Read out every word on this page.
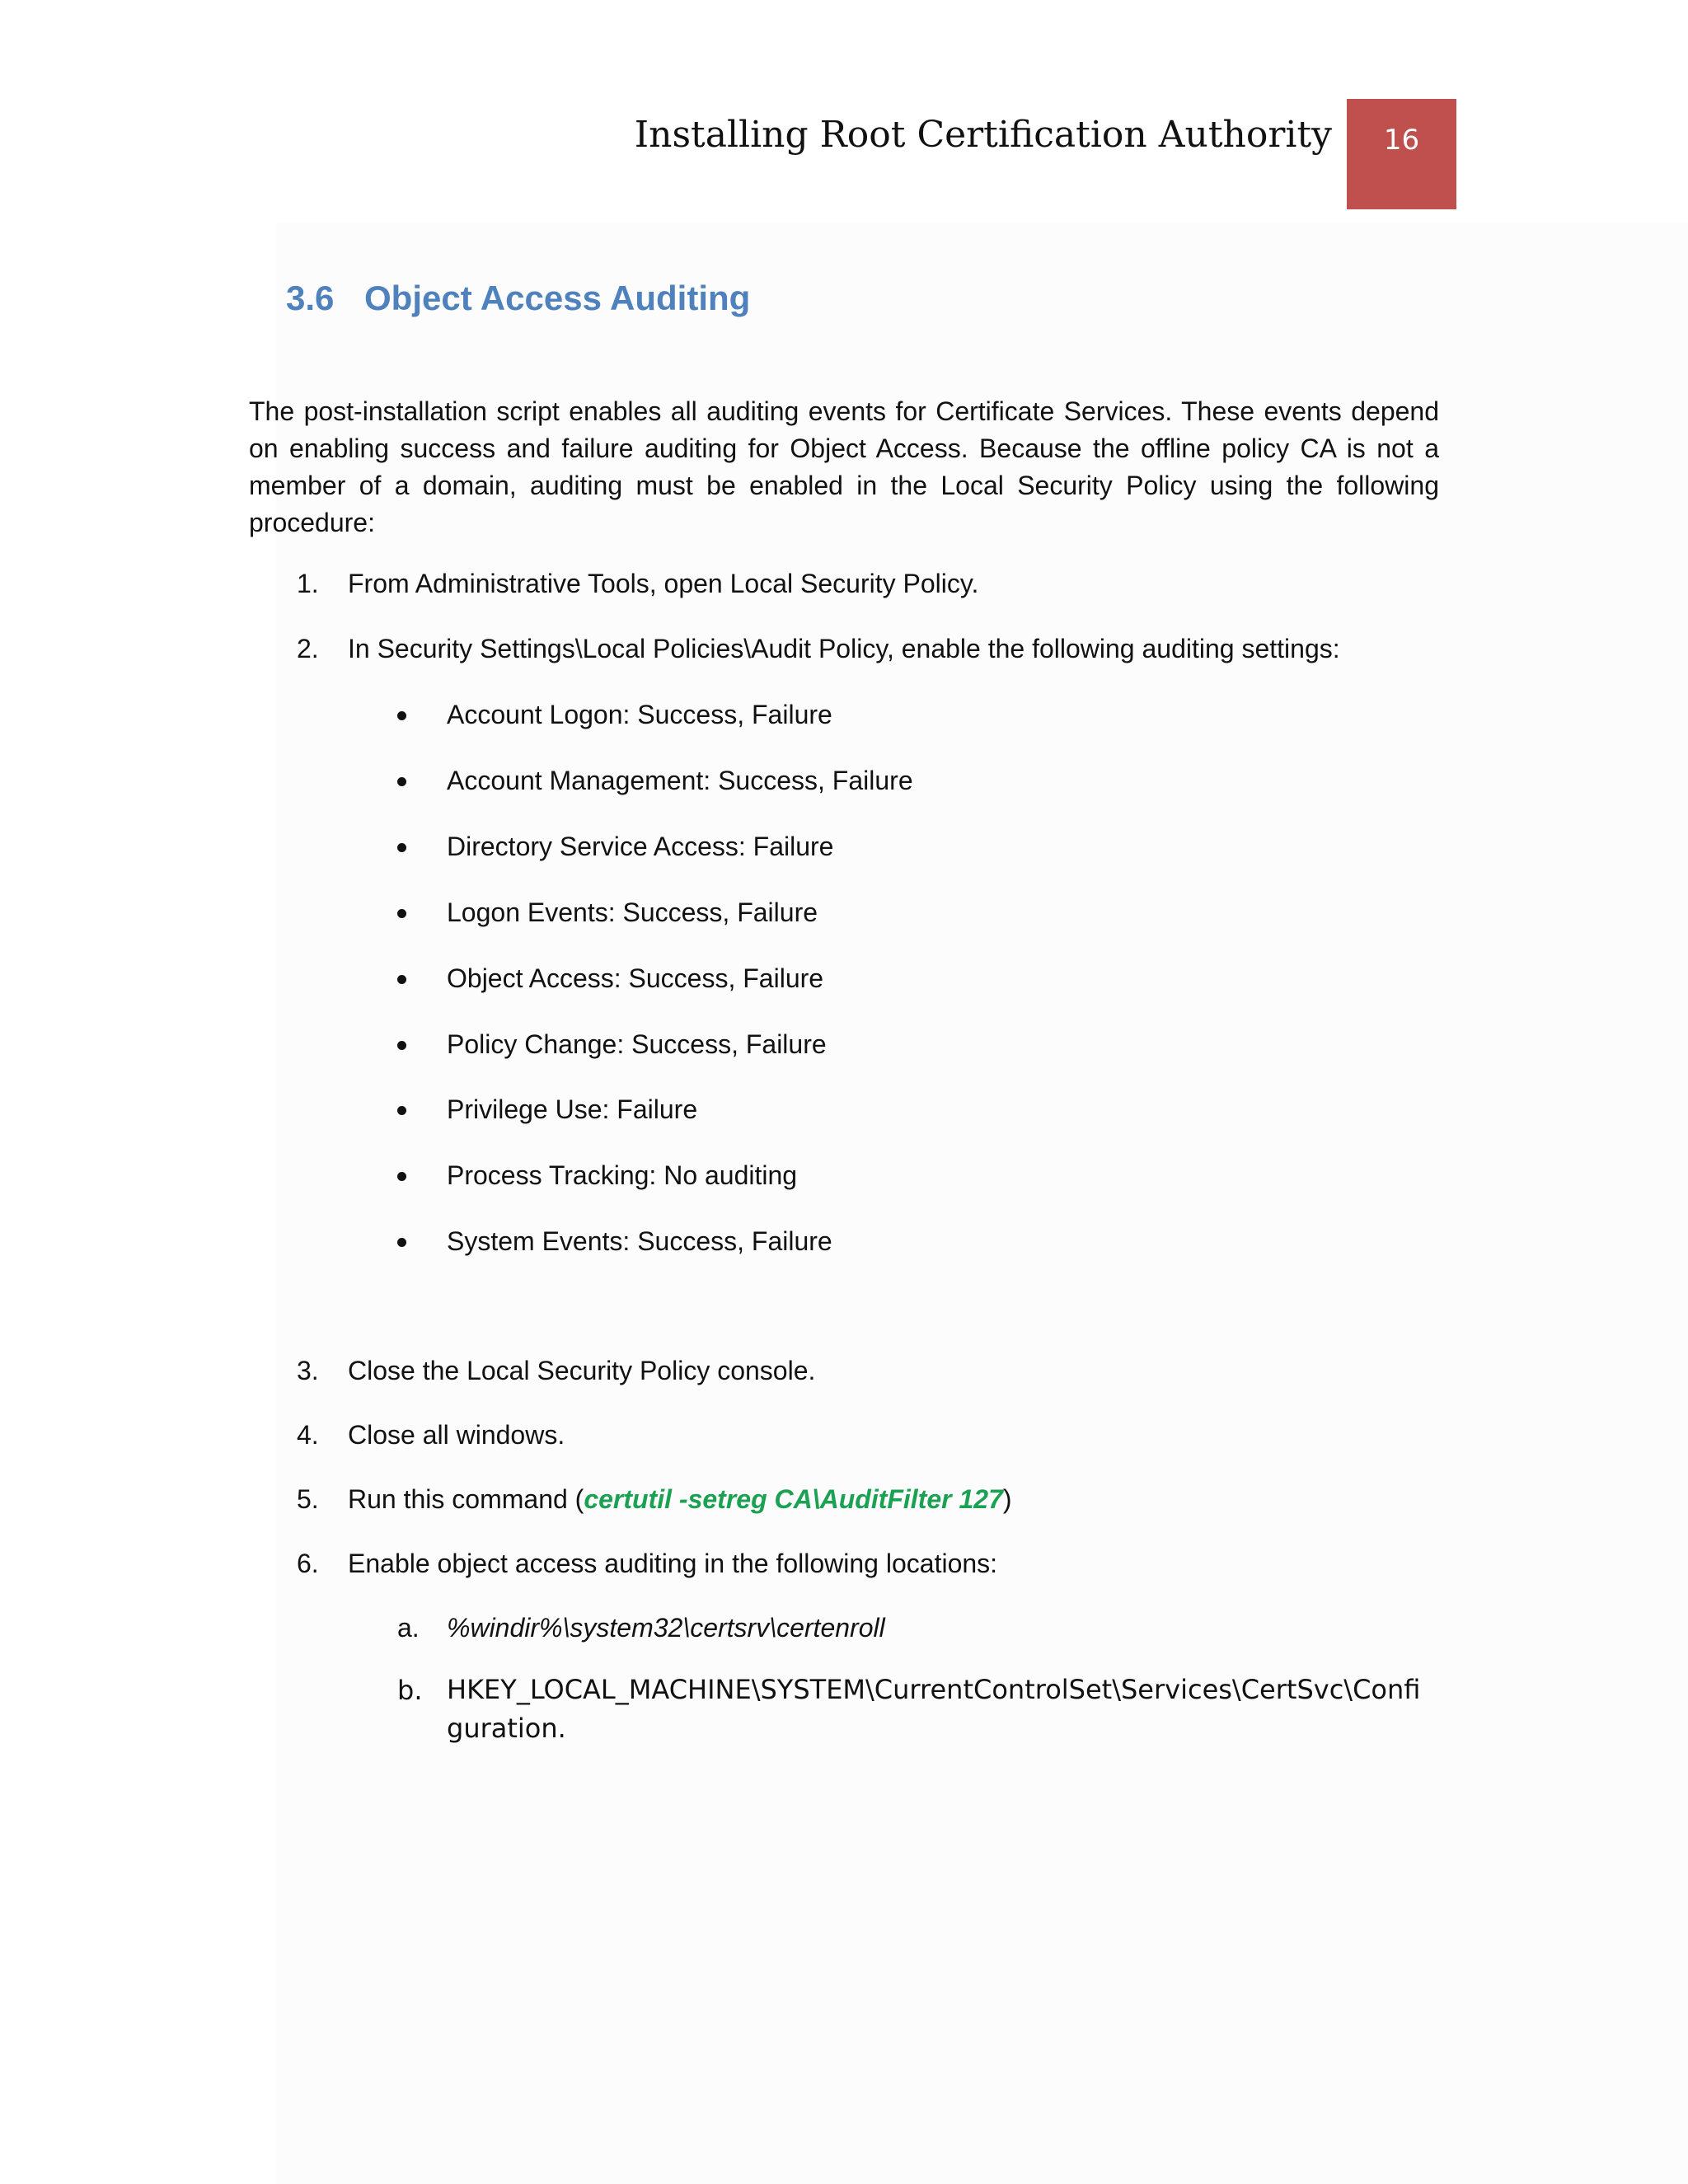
Installing Root Certification Authority	16
3.6 Object Access Auditing

The post-installation script enables all auditing events for Certificate Services. These events depend on enabling success and failure auditing for Object Access. Because the offline policy CA is not a member of a domain, auditing must be enabled in the Local Security Policy using the following procedure:

1. From Administrative Tools, open Local Security Policy.
2. In Security Settings\Local Policies\Audit Policy, enable the following auditing settings:
Account Logon: Success, Failure
Account Management: Success, Failure
Directory Service Access: Failure
Logon Events: Success, Failure
Object Access: Success, Failure
Policy Change: Success, Failure
Privilege Use: Failure
Process Tracking: No auditing
System Events: Success, Failure
3. Close the Local Security Policy console.
4. Close all windows.
5. Run this command (certutil -setreg CA\AuditFilter 127)
6. Enable object access auditing in the following locations:
a. %windir%\system32\certsrv\certenroll
b. HKEY_LOCAL_MACHINE\SYSTEM\CurrentControlSet\Services\CertSvc\Configuration.
